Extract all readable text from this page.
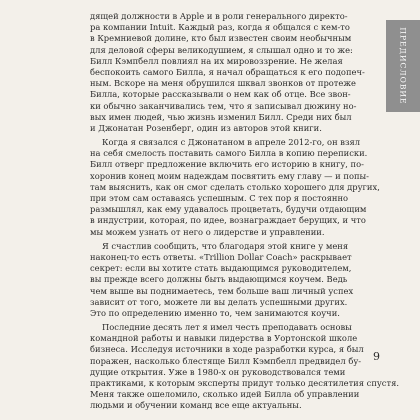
дящей должности в Apple и в роли генерального директо-
ра компании Intuit. Каждый раз, когда я общался с кем-то
в Кремниевой долине, кто был известен своим необычным
для деловой сферы великодушием, я слышал одно и то же:
Билл Кэмпбелл повлиял на их мировоззрение. Не желая
беспокоить самого Билла, я начал обращаться к его подопеч-
ным. Вскоре на меня обрушился шквал звонков от протеже
Билла, которые рассказывали о нем как об отце. Все звон-
ки обычно заканчивались тем, что я записывал дюжину но-
вых имен людей, чью жизнь изменил Билл. Среди них был
и Джонатан Розенберг, один из авторов этой книги.
Когда я связался с Джонатаном в апреле 2012-го, он взял
на себя смелость поставить самого Билла в копию переписки.
Билл отверг предложение включить его историю в книгу, по-
хоронив конец моим надеждам посвятить ему главу — и попы-
там выяснить, как он смог сделать столько хорошего для других,
при этом сам оставаясь успешным. С тех пор я постоянно
размышлял, как ему удавалось процветать, будучи отдающим
в индустрии, которая, по идее, вознаграждает берущих, и что
мы можем узнать от него о лидерстве и управлении.
Я счастлив сообщить, что благодаря этой книге у меня
наконец-то есть ответы. «Trillion Dollar Coach» раскрывает
секрет: если вы хотите стать выдающимся руководителем,
вы прежде всего должны быть выдающимся коучем. Ведь
чем выше вы поднимаетесь, тем больше ваш личный успех
зависит от того, можете ли вы делать успешными других.
Это по определению именно то, чем занимаются коучи.
Последние десять лет я имел честь преподавать основы
командной работы и навыки лидерства в Уортонской школе
бизнеса. Исследуя источники в ходе разработки курса, я был
поражен, насколько блестяще Билл Кэмпбелл предвидел бу-
дущие открытия. Уже в 1980-х он руководствовался теми
практиками, к которым эксперты придут только десятилетия спустя.
Меня также ошеломило, сколько идей Билла об управлении
людьми и обучении команд все еще актуальны.
ПРЕДИСЛОВИЕ
9
